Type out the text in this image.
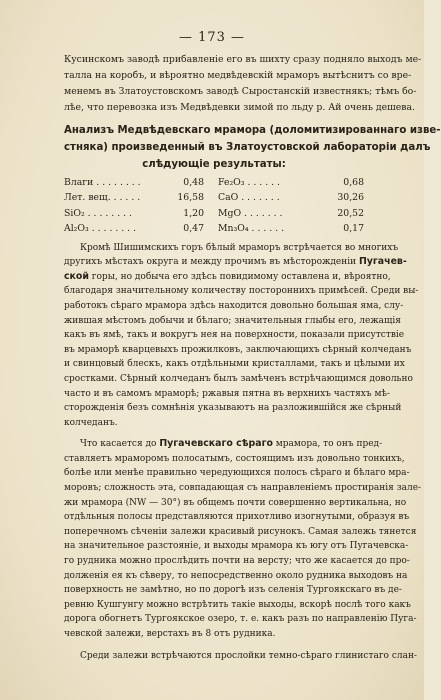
— 173 —
Кусинскомъ заводѣ прибавленіе его въ шихту сразу подняло выходъ ме-
талла на коробъ, и вѣроятно медвѣдевскій мраморъ вытѣснитъ со вре-
менемъ въ Златоустовскомъ заводѣ Сыростанскій известнякъ; тѣмъ бо-
лѣе, что перевозка изъ Медвѣдевки зимой по льду р. Ай очень дешева.
Анализъ Медвѣдевскаго мрамора (доломитизированнаго изве-
стняка) произведенный въ Златоустовской лабораторіи далъ
слѣдующіе результаты:
Влаги . . . . . . . .	0,48	Fe₂O₃ . . . . . .	0,68
Лет. вещ. . . . . .	16,58	CaO . . . . . . .	30,26
SiO₂ . . . . . . . .	1,20	MgO . . . . . . .	20,52
Al₂O₃ . . . . . . . .	0,47	Mn₃O₄ . . . . . .	0,17
Кромѣ Шишимскихъ горъ бѣлый мраморъ встрѣчается во многихъ
другихъ мѣстахъ округа и между прочимъ въ мѣсторожденіи Пугачев-
ской горы, но добыча его здѣсь повидимому оставлена и, вѣроятно,
благодаря значительному количеству постороннихъ примѣсей. Среди вы-
работокъ сѣраго мрамора здѣсь находится довольно большая яма, слу-
жившая мѣстомъ добычи и бѣлаго; значительныя глыбы его, лежащія
какъ въ ямѣ, такъ и вокругъ нея на поверхности, показали присутствіе
въ мраморѣ кварцевыхъ прожилковъ, заключающихъ сѣрный колчеданъ
и свинцовый блескъ, какъ отдѣльными кристаллами, такъ и цѣлыми их
сростками. Сѣрный колчеданъ былъ замѣченъ встрѣчающимся довольно
часто и въ самомъ мраморѣ; ржавыя пятна въ верхнихъ частяхъ мѣ-
сторожденія безъ сомнѣнія указываютъ на разложившійся же сѣрный
колчеданъ.
Что касается до Пугачевскаго сѣраго мрамора, то онъ пред-
ставляетъ мраморомъ полосатымъ, состоящимъ изъ довольно тонкихъ,
болѣе или менѣе правильно чередующихся полосъ сѣраго и бѣлаго мра-
моровъ; сложность эта, совпадающая съ направленіемъ простиранія зале-
жи мрамора (NW — 30°) въ общемъ почти совершенно вертикальна, но
отдѣльныя полосы представляются прихотливо изогнутыми, образуя въ
поперечномъ сѣченіи залежи красивый рисунокъ. Самая залежь тянется
на значительное разстояніе, и выходы мрамора къ югу отъ Пугачевска-
го рудника можно прослѣдить почти на версту; что же касается до про-
долженія ея къ сѣверу, то непосредственно около рудника выходовъ на
поверхность не замѣтно, но по дорогѣ изъ селенія Тургоякскаго въ де-
ревню Кушгунгу можно встрѣтить такіе выходы, вскорѣ послѣ того какъ
дорога обогнетъ Тургоякское озеро, т. е. какъ разъ по направленію Пуга-
чевской залежи, верстахъ въ 8 отъ рудника.
Среди залежи встрѣчаются прослойки темно-сѣраго глинистаго слан-
